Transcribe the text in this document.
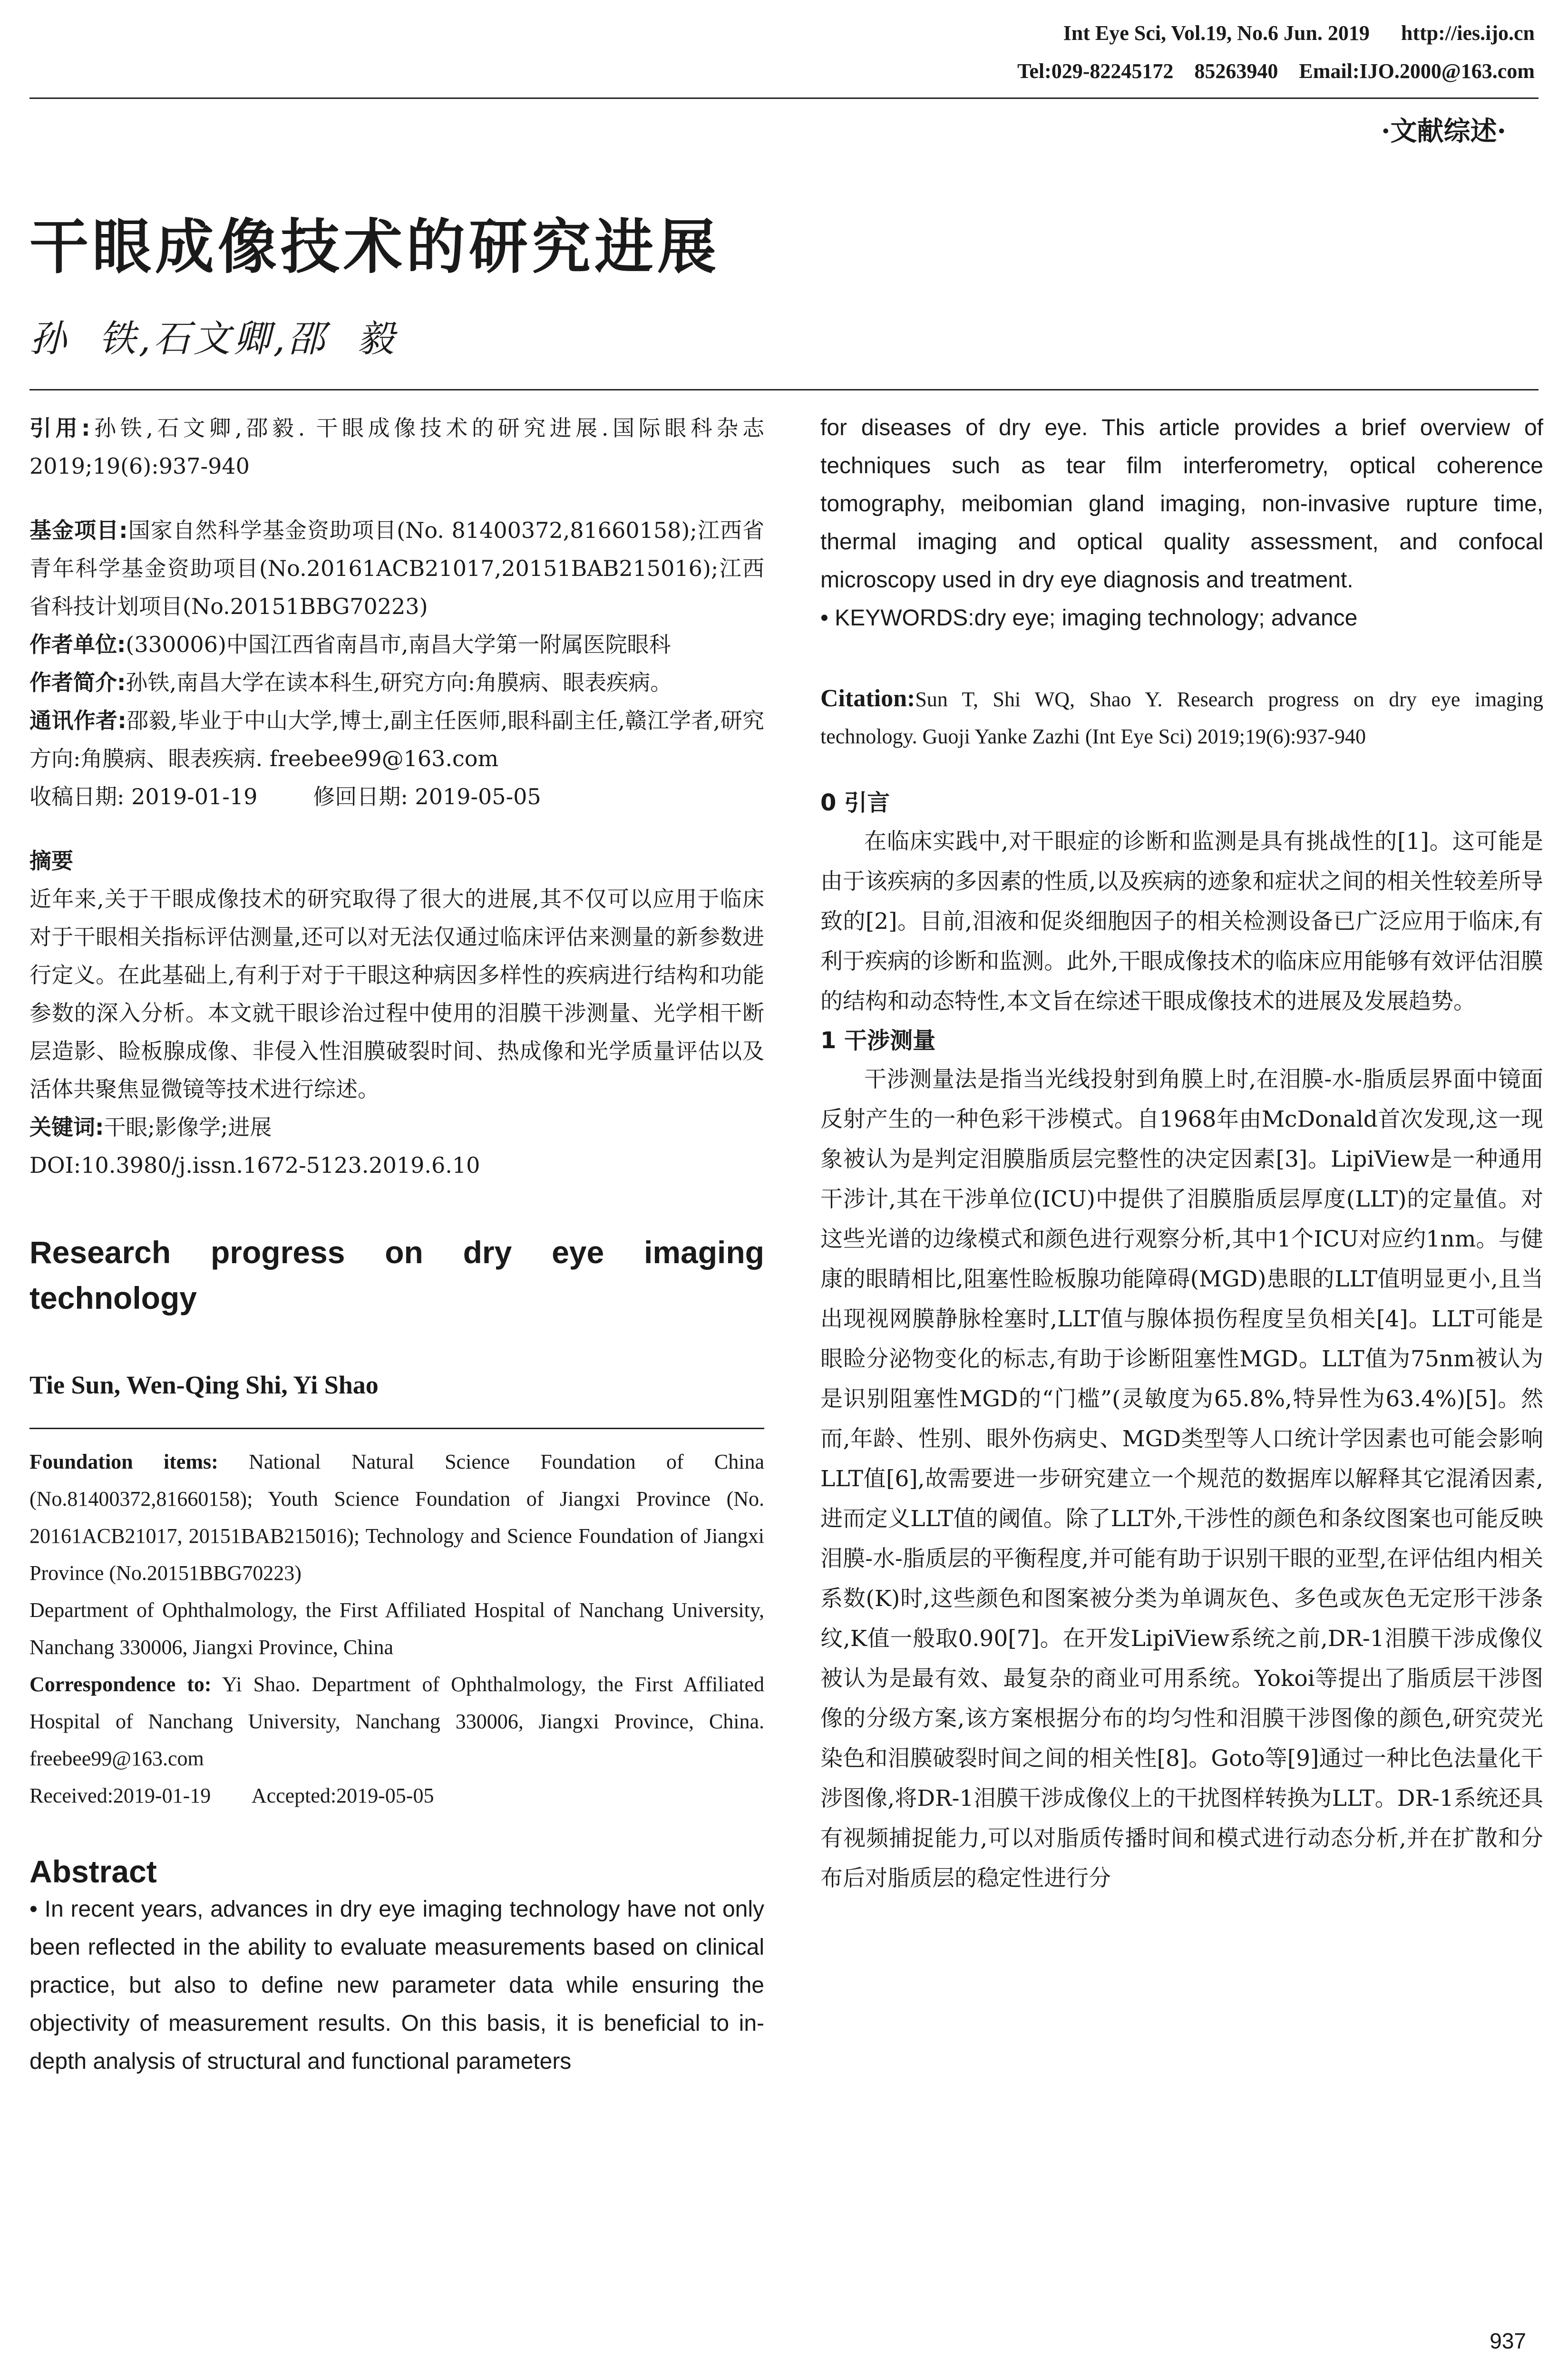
Int Eye Sci, Vol.19, No.6 Jun. 2019      http://ies.ijo.cn
Tel:029-82245172    85263940    Email:IJO.2000@163.com
·文献综述·
干眼成像技术的研究进展
孙  铁,石文卿,邵  毅

引用:孙铁,石文卿,邵毅. 干眼成像技术的研究进展.国际眼科杂志 2019;19(6):937-940

基金项目:国家自然科学基金资助项目(No. 81400372,81660158);江西省青年科学基金资助项目(No.20161ACB21017,20151BAB215016);江西省科技计划项目(No.20151BBG70223)

作者单位:(330006)中国江西省南昌市,南昌大学第一附属医院眼科

作者简介:孙铁,南昌大学在读本科生,研究方向:角膜病、眼表疾病。

通讯作者:邵毅,毕业于中山大学,博士,副主任医师,眼科副主任,赣江学者,研究方向:角膜病、眼表疾病. freebee99@163.com

收稿日期: 2019-01-19        修回日期: 2019-05-05

摘要

近年来,关于干眼成像技术的研究取得了很大的进展,其不仅可以应用于临床对于干眼相关指标评估测量,还可以对无法仅通过临床评估来测量的新参数进行定义。在此基础上,有利于对于干眼这种病因多样性的疾病进行结构和功能参数的深入分析。本文就干眼诊治过程中使用的泪膜干涉测量、光学相干断层造影、睑板腺成像、非侵入性泪膜破裂时间、热成像和光学质量评估以及活体共聚焦显微镜等技术进行综述。

关键词:干眼;影像学;进展

DOI:10.3980/j.issn.1672-5123.2019.6.10

Research progress on dry eye imaging technology

Tie Sun, Wen-Qing Shi, Yi Shao

Foundation items: National Natural Science Foundation of China (No.81400372,81660158); Youth Science Foundation of Jiangxi Province (No. 20161ACB21017, 20151BAB215016); Technology and Science Foundation of Jiangxi Province (No.20151BBG70223)

Department of Ophthalmology, the First Affiliated Hospital of Nanchang University, Nanchang 330006, Jiangxi Province, China

Correspondence to: Yi Shao. Department of Ophthalmology, the First Affiliated Hospital of Nanchang University, Nanchang 330006, Jiangxi Province, China. freebee99@163.com

Received:2019-01-19        Accepted:2019-05-05

Abstract

• In recent years, advances in dry eye imaging technology have not only been reflected in the ability to evaluate measurements based on clinical practice, but also to define new parameter data while ensuring the objectivity of measurement results. On this basis, it is beneficial to in-depth analysis of structural and functional parameters

for diseases of dry eye. This article provides a brief overview of techniques such as tear film interferometry, optical coherence tomography, meibomian gland imaging, non-invasive rupture time, thermal imaging and optical quality assessment, and confocal microscopy used in dry eye diagnosis and treatment.

• KEYWORDS:dry eye; imaging technology; advance

Citation:Sun T, Shi WQ, Shao Y. Research progress on dry eye imaging technology. Guoji Yanke Zazhi (Int Eye Sci) 2019;19(6):937-940

0 引言

在临床实践中,对干眼症的诊断和监测是具有挑战性的[1]。这可能是由于该疾病的多因素的性质,以及疾病的迹象和症状之间的相关性较差所导致的[2]。目前,泪液和促炎细胞因子的相关检测设备已广泛应用于临床,有利于疾病的诊断和监测。此外,干眼成像技术的临床应用能够有效评估泪膜的结构和动态特性,本文旨在综述干眼成像技术的进展及发展趋势。

1 干涉测量

干涉测量法是指当光线投射到角膜上时,在泪膜-水-脂质层界面中镜面反射产生的一种色彩干涉模式。自1968年由McDonald首次发现,这一现象被认为是判定泪膜脂质层完整性的决定因素[3]。LipiView是一种通用干涉计,其在干涉单位(ICU)中提供了泪膜脂质层厚度(LLT)的定量值。对这些光谱的边缘模式和颜色进行观察分析,其中1个ICU对应约1nm。与健康的眼睛相比,阻塞性睑板腺功能障碍(MGD)患眼的LLT值明显更小,且当出现视网膜静脉栓塞时,LLT值与腺体损伤程度呈负相关[4]。LLT可能是眼睑分泌物变化的标志,有助于诊断阻塞性MGD。LLT值为75nm被认为是识别阻塞性MGD的“门槛”(灵敏度为65.8%,特异性为63.4%)[5]。然而,年龄、性别、眼外伤病史、MGD类型等人口统计学因素也可能会影响LLT值[6],故需要进一步研究建立一个规范的数据库以解释其它混淆因素,进而定义LLT值的阈值。除了LLT外,干涉性的颜色和条纹图案也可能反映泪膜-水-脂质层的平衡程度,并可能有助于识别干眼的亚型,在评估组内相关系数(K)时,这些颜色和图案被分类为单调灰色、多色或灰色无定形干涉条纹,K值一般取0.90[7]。在开发LipiView系统之前,DR-1泪膜干涉成像仪被认为是最有效、最复杂的商业可用系统。Yokoi等提出了脂质层干涉图像的分级方案,该方案根据分布的均匀性和泪膜干涉图像的颜色,研究荧光染色和泪膜破裂时间之间的相关性[8]。Goto等[9]通过一种比色法量化干涉图像,将DR-1泪膜干涉成像仪上的干扰图样转换为LLT。DR-1系统还具有视频捕捉能力,可以对脂质传播时间和模式进行动态分析,并在扩散和分布后对脂质层的稳定性进行分

937
